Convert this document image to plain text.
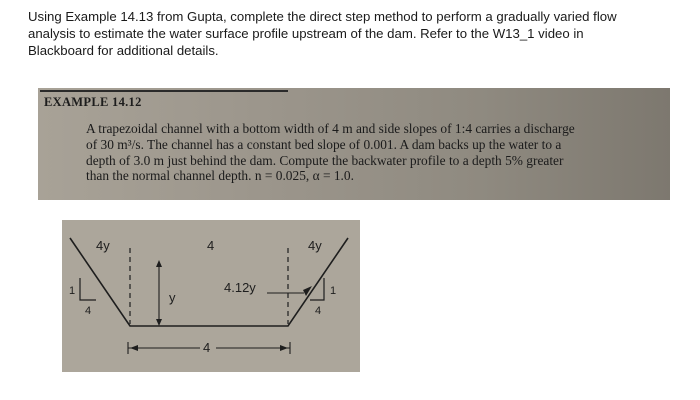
Using Example 14.13 from Gupta, complete the direct step method to perform a gradually varied flow
analysis to estimate the water surface profile upstream of the dam. Refer to the W13_1 video in
Blackboard for additional details.
EXAMPLE 14.12

A trapezoidal channel with a bottom width of 4 m and side slopes of 1:4 carries a discharge
of 30 m³/s. The channel has a constant bed slope of 0.001. A dam backs up the water to a
depth of 3.0 m just behind the dam. Compute the backwater profile to a depth 5% greater
than the normal channel depth. n = 0.025, α = 1.0.

4y	4	4y
4.12y
y
4
1
4
1
4
